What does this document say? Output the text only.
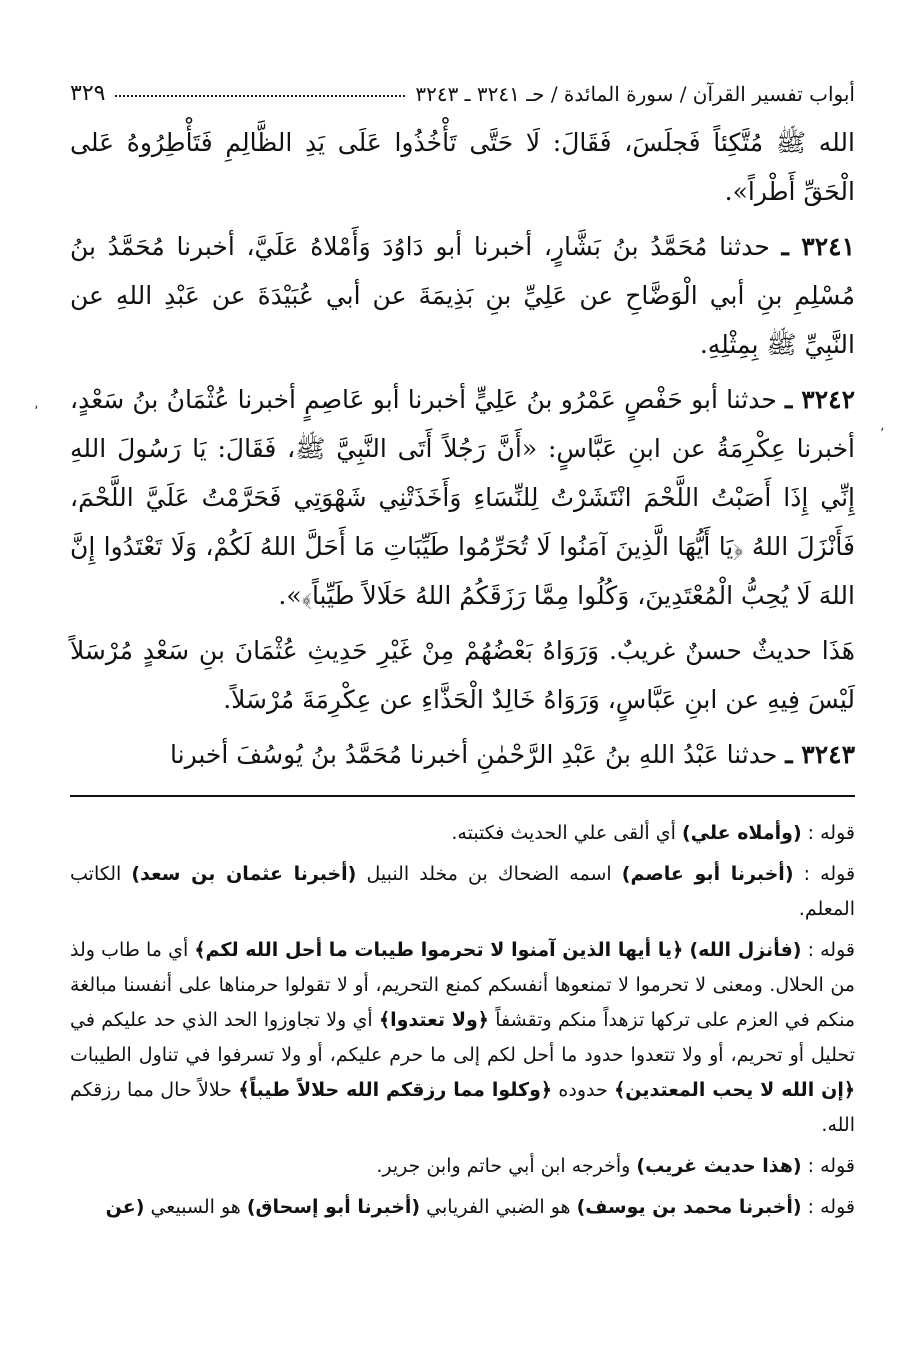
أبواب تفسير القرآن / سورة المائدة / حـ ٣٢٤١ ـ ٣٢٤٣
٣٢٩
٬
٬

الله ﷺ مُتَّكِئاً فَجلَسَ، فَقَالَ: لَا حَتَّى تَأْخُذُوا عَلَى يَدِ الظَّالِمِ فَتَأْطِرُوهُ عَلى الْحَقِّ أَطْراً».

٣٢٤١ ـ حدثنا مُحَمَّدُ بنُ بَشَّارٍ، أخبرنا أبو دَاوُدَ وَأَمْلاهُ عَلَيَّ، أخبرنا مُحَمَّدُ بنُ مُسْلِمِ بنِ أبي الْوَضَّاحِ عن عَلِيِّ بنِ بَذِيمَةَ عن أبي عُبَيْدَةَ عن عَبْدِ اللهِ عن النَّبِيِّ ﷺ بِمِثْلِهِ.

٣٢٤٢ ـ حدثنا أبو حَفْصٍ عَمْرُو بنُ عَلِيٍّ أخبرنا أبو عَاصِمٍ أخبرنا عُثْمَانُ بنُ سَعْدٍ، أخبرنا عِكْرِمَةُ عن ابنِ عَبَّاسٍ: «أَنَّ رَجُلاً أَتَى النَّبِيَّ ﷺ، فَقَالَ: يَا رَسُولَ اللهِ إِنِّي إِذَا أَصَبْتُ اللَّحْمَ انْتَشَرْتُ لِلنِّسَاءِ وَأَخَذَتْنِي شَهْوَتِي فَحَرَّمْتُ عَلَيَّ اللَّحْمَ، فَأَنْزَلَ اللهُ ﴿يَا أَيُّهَا الَّذِينَ آمَنُوا لَا تُحَرِّمُوا طَيِّبَاتِ مَا أَحَلَّ اللهُ لَكُمْ، وَلَا تَعْتَدُوا إِنَّ اللهَ لَا يُحِبُّ الْمُعْتَدِينَ، وَكُلُوا مِمَّا رَزَقَكُمُ اللهُ حَلَالاً طَيِّباً﴾».

هَذَا حديثٌ حسنٌ غريبٌ. وَرَوَاهُ بَعْضُهُمْ مِنْ غَيْرِ حَدِيثِ عُثْمَانَ بنِ سَعْدٍ مُرْسَلاً لَيْسَ فِيهِ عن ابنِ عَبَّاسٍ، وَرَوَاهُ خَالِدٌ الْحَذَّاءِ عن عِكْرِمَةَ مُرْسَلاً.

٣٢٤٣ ـ حدثنا عَبْدُ اللهِ بنُ عَبْدِ الرَّحْمٰنِ أخبرنا مُحَمَّدُ بنُ يُوسُفَ أخبرنا

قوله : (وأملاه علي) أي ألقى علي الحديث فكتبته.

قوله : (أخبرنا أبو عاصم) اسمه الضحاك بن مخلد النبيل (أخبرنا عثمان بن سعد) الكاتب المعلم.

قوله : (فأنزل الله) ﴿يا أيها الذين آمنوا لا تحرموا طيبات ما أحل الله لكم﴾ أي ما طاب ولذ من الحلال. ومعنى لا تحرموا لا تمنعوها أنفسكم كمنع التحريم، أو لا تقولوا حرمناها على أنفسنا مبالغة منكم في العزم على تركها تزهداً منكم وتقشفاً ﴿ولا تعتدوا﴾ أي ولا تجاوزوا الحد الذي حد عليكم في تحليل أو تحريم، أو ولا تتعدوا حدود ما أحل لكم إلى ما حرم عليكم، أو ولا تسرفوا في تناول الطيبات ﴿إن الله لا يحب المعتدين﴾ حدوده ﴿وكلوا مما رزقكم الله حلالاً طيباً﴾ حلالاً حال مما رزقكم الله.

قوله : (هذا حديث غريب) وأخرجه ابن أبي حاتم وابن جرير.

قوله : (أخبرنا محمد بن يوسف) هو الضبي الفريابي (أخبرنا أبو إسحاق) هو السبيعي (عن
